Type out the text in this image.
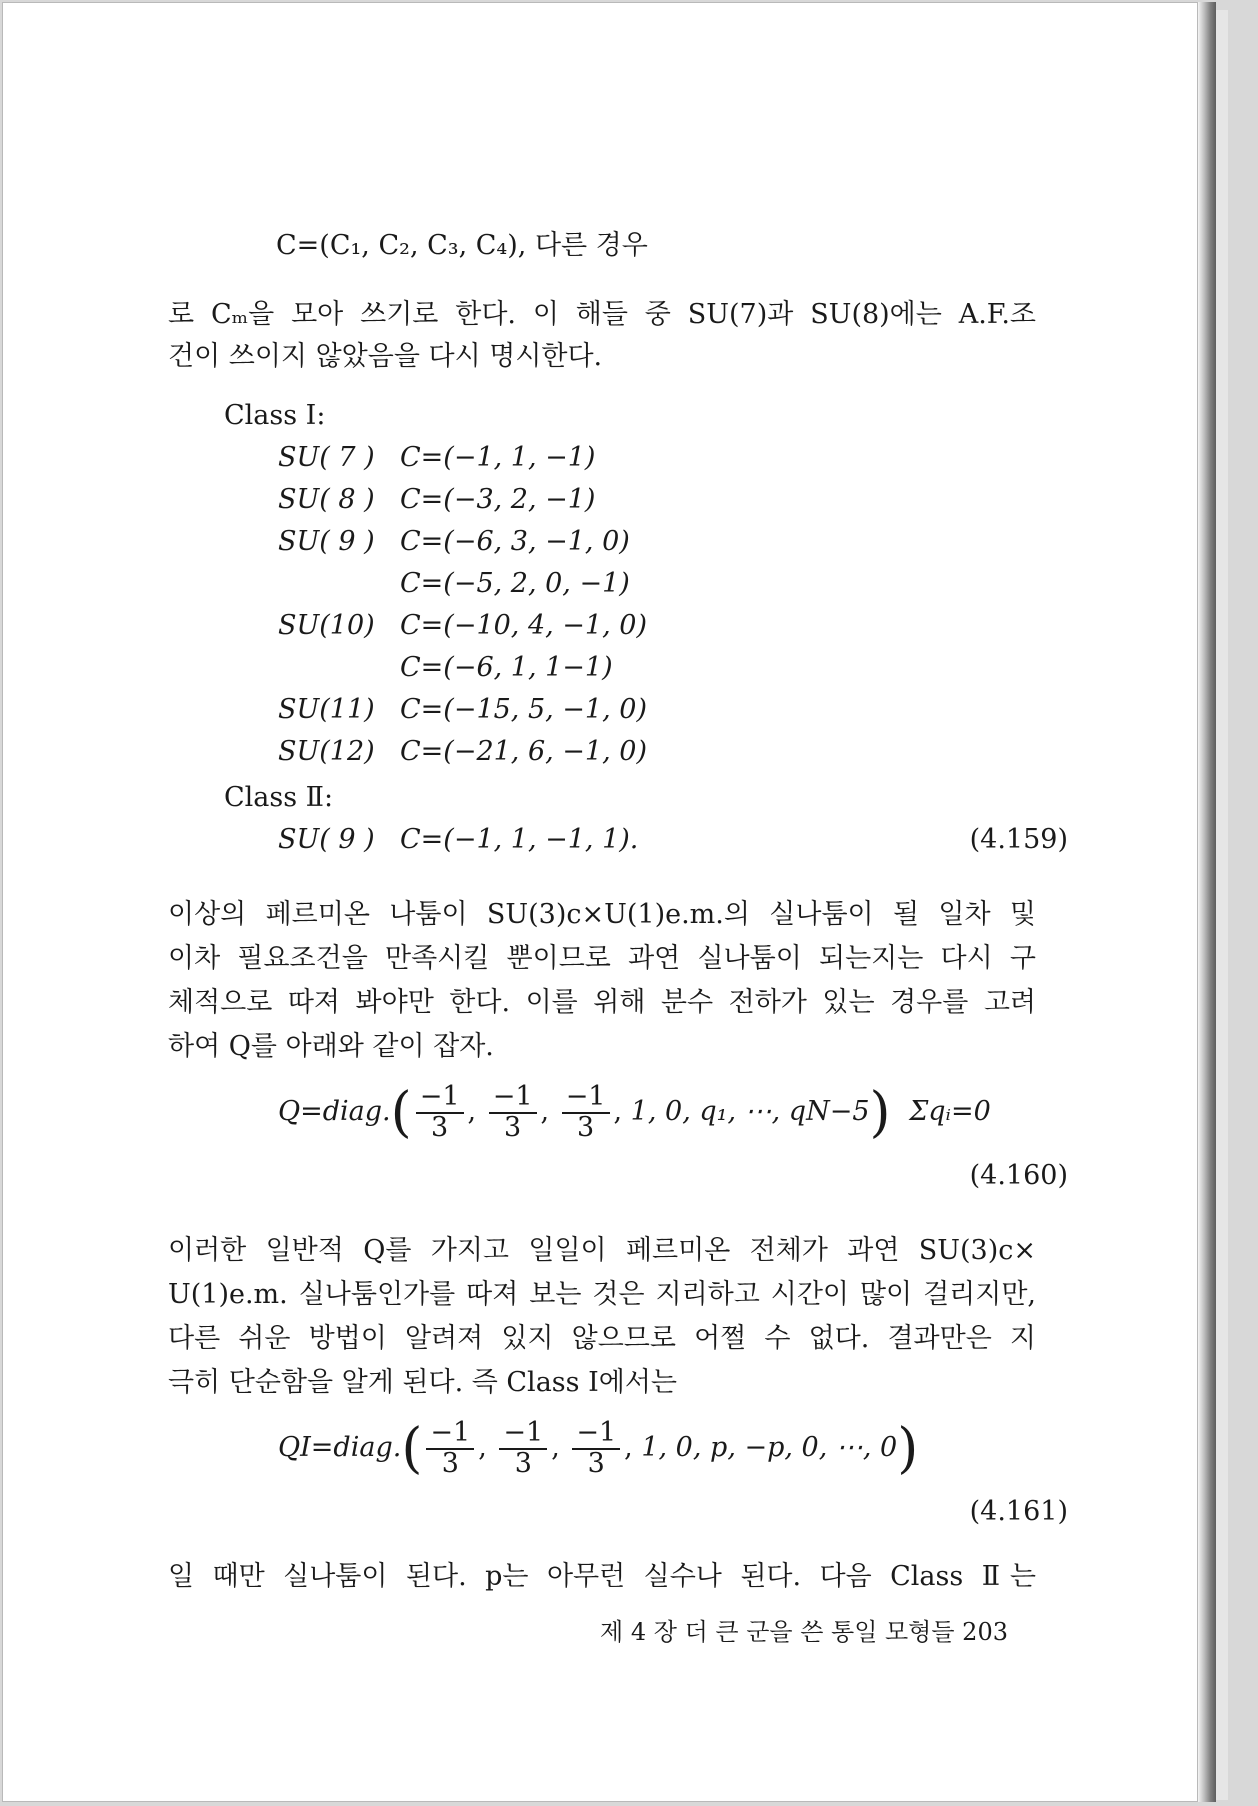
C=(C₁, C₂, C₃, C₄), 다른 경우
로 Cₘ을 모아 쓰기로 한다. 이 해들 중 SU(7)과 SU(8)에는 A.F.조
건이 쓰이지 않았음을 다시 명시한다.
Class Ⅰ:
SU( 7 ) C=(−1, 1, −1)
SU( 8 ) C=(−3, 2, −1)
SU( 9 ) C=(−6, 3, −1, 0)
C=(−5, 2, 0, −1)
SU(10) C=(−10, 4, −1, 0)
C=(−6, 1, 1−1)
SU(11) C=(−15, 5, −1, 0)
SU(12) C=(−21, 6, −1, 0)
Class Ⅱ:
SU( 9 ) C=(−1, 1, −1, 1).	(4.159)
이상의 페르미온 나툼이 SU(3)c×U(1)e.m.의 실나툼이 될 일차 및
이차 필요조건을 만족시킬 뿐이므로 과연 실나툼이 되는지는 다시 구
체적으로 따져 봐야만 한다. 이를 위해 분수 전하가 있는 경우를 고려
하여 Q를 아래와 같이 잡자.
Q=diag.( $\frac{-1}{3}$ , $\frac{-1}{3}$ , $\frac{-1}{3}$ , 1, 0, q₁, ⋯, qN−5) Σqᵢ=0
(4.160)
이러한 일반적 Q를 가지고 일일이 페르미온 전체가 과연 SU(3)c×
U(1)e.m. 실나툼인가를 따져 보는 것은 지리하고 시간이 많이 걸리지만,
다른 쉬운 방법이 알려져 있지 않으므로 어쩔 수 없다. 결과만은 지
극히 단순함을 알게 된다. 즉 Class Ⅰ에서는
QI=diag.( $\frac{-1}{3}$ , $\frac{-1}{3}$ , $\frac{-1}{3}$ , 1, 0, p, −p, 0, ⋯, 0)
(4.161)
일 때만 실나툼이 된다. p는 아무런 실수나 된다. 다음 Class Ⅱ는
제 4 장 더 큰 군을 쓴 통일 모형들 203
